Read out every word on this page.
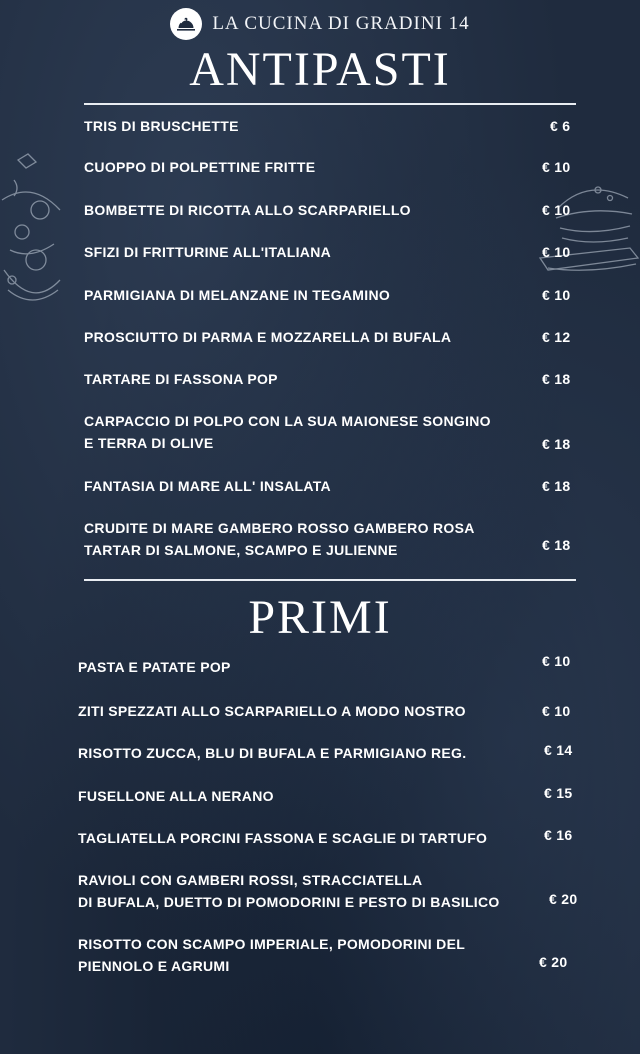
LA CUCINA DI GRADINI 14
ANTIPASTI
TRIS DI BRUSCHETTE	€ 6
CUOPPO DI POLPETTINE FRITTE	€ 10
BOMBETTE DI RICOTTA ALLO SCARPARIELLO	€ 10
SFIZI DI FRITTURINE ALL'ITALIANA	€ 10
PARMIGIANA DI MELANZANE IN TEGAMINO	€ 10
PROSCIUTTO DI PARMA E MOZZARELLA DI BUFALA	€ 12
TARTARE DI FASSONA POP	€ 18
CARPACCIO DI POLPO CON LA SUA MAIONESE SONGINO
E TERRA DI OLIVE	€ 18
FANTASIA DI MARE ALL' INSALATA	€ 18
CRUDITE DI MARE GAMBERO ROSSO GAMBERO ROSA
TARTAR DI SALMONE, SCAMPO E JULIENNE	€ 18
PRIMI
PASTA E PATATE POP	€ 10
ZITI SPEZZATI ALLO SCARPARIELLO A MODO NOSTRO	€ 10
RISOTTO ZUCCA, BLU DI BUFALA E PARMIGIANO REG.	€ 14
FUSELLONE ALLA NERANO	€ 15
TAGLIATELLA PORCINI FASSONA E SCAGLIE DI TARTUFO	€ 16
RAVIOLI CON GAMBERI ROSSI, STRACCIATELLA
DI BUFALA, DUETTO DI POMODORINI E PESTO DI BASILICO	€ 20
RISOTTO CON SCAMPO IMPERIALE, POMODORINI DEL
PIENNOLO E AGRUMI	€ 20
